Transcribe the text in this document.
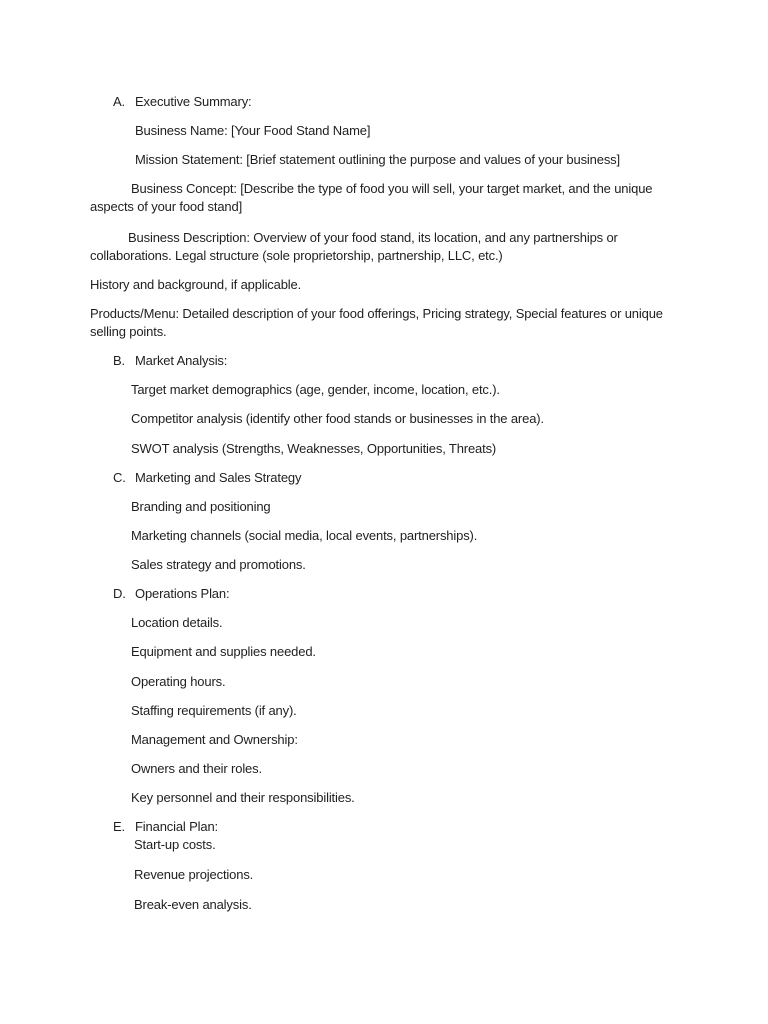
A. Executive Summary:
Business Name: [Your Food Stand Name]
Mission Statement: [Brief statement outlining the purpose and values of your business]
Business Concept: [Describe the type of food you will sell, your target market, and the unique
aspects of your food stand]
Business Description: Overview of your food stand, its location, and any partnerships or
collaborations. Legal structure (sole proprietorship, partnership, LLC, etc.)
History and background, if applicable.
Products/Menu: Detailed description of your food offerings, Pricing strategy, Special features or unique
selling points.
B. Market Analysis:
Target market demographics (age, gender, income, location, etc.).
Competitor analysis (identify other food stands or businesses in the area).
SWOT analysis (Strengths, Weaknesses, Opportunities, Threats)
C. Marketing and Sales Strategy
Branding and positioning
Marketing channels (social media, local events, partnerships).
Sales strategy and promotions.
D. Operations Plan:
Location details.
Equipment and supplies needed.
Operating hours.
Staffing requirements (if any).
Management and Ownership:
Owners and their roles.
Key personnel and their responsibilities.
E. Financial Plan:
Start-up costs.
Revenue projections.
Break-even analysis.
